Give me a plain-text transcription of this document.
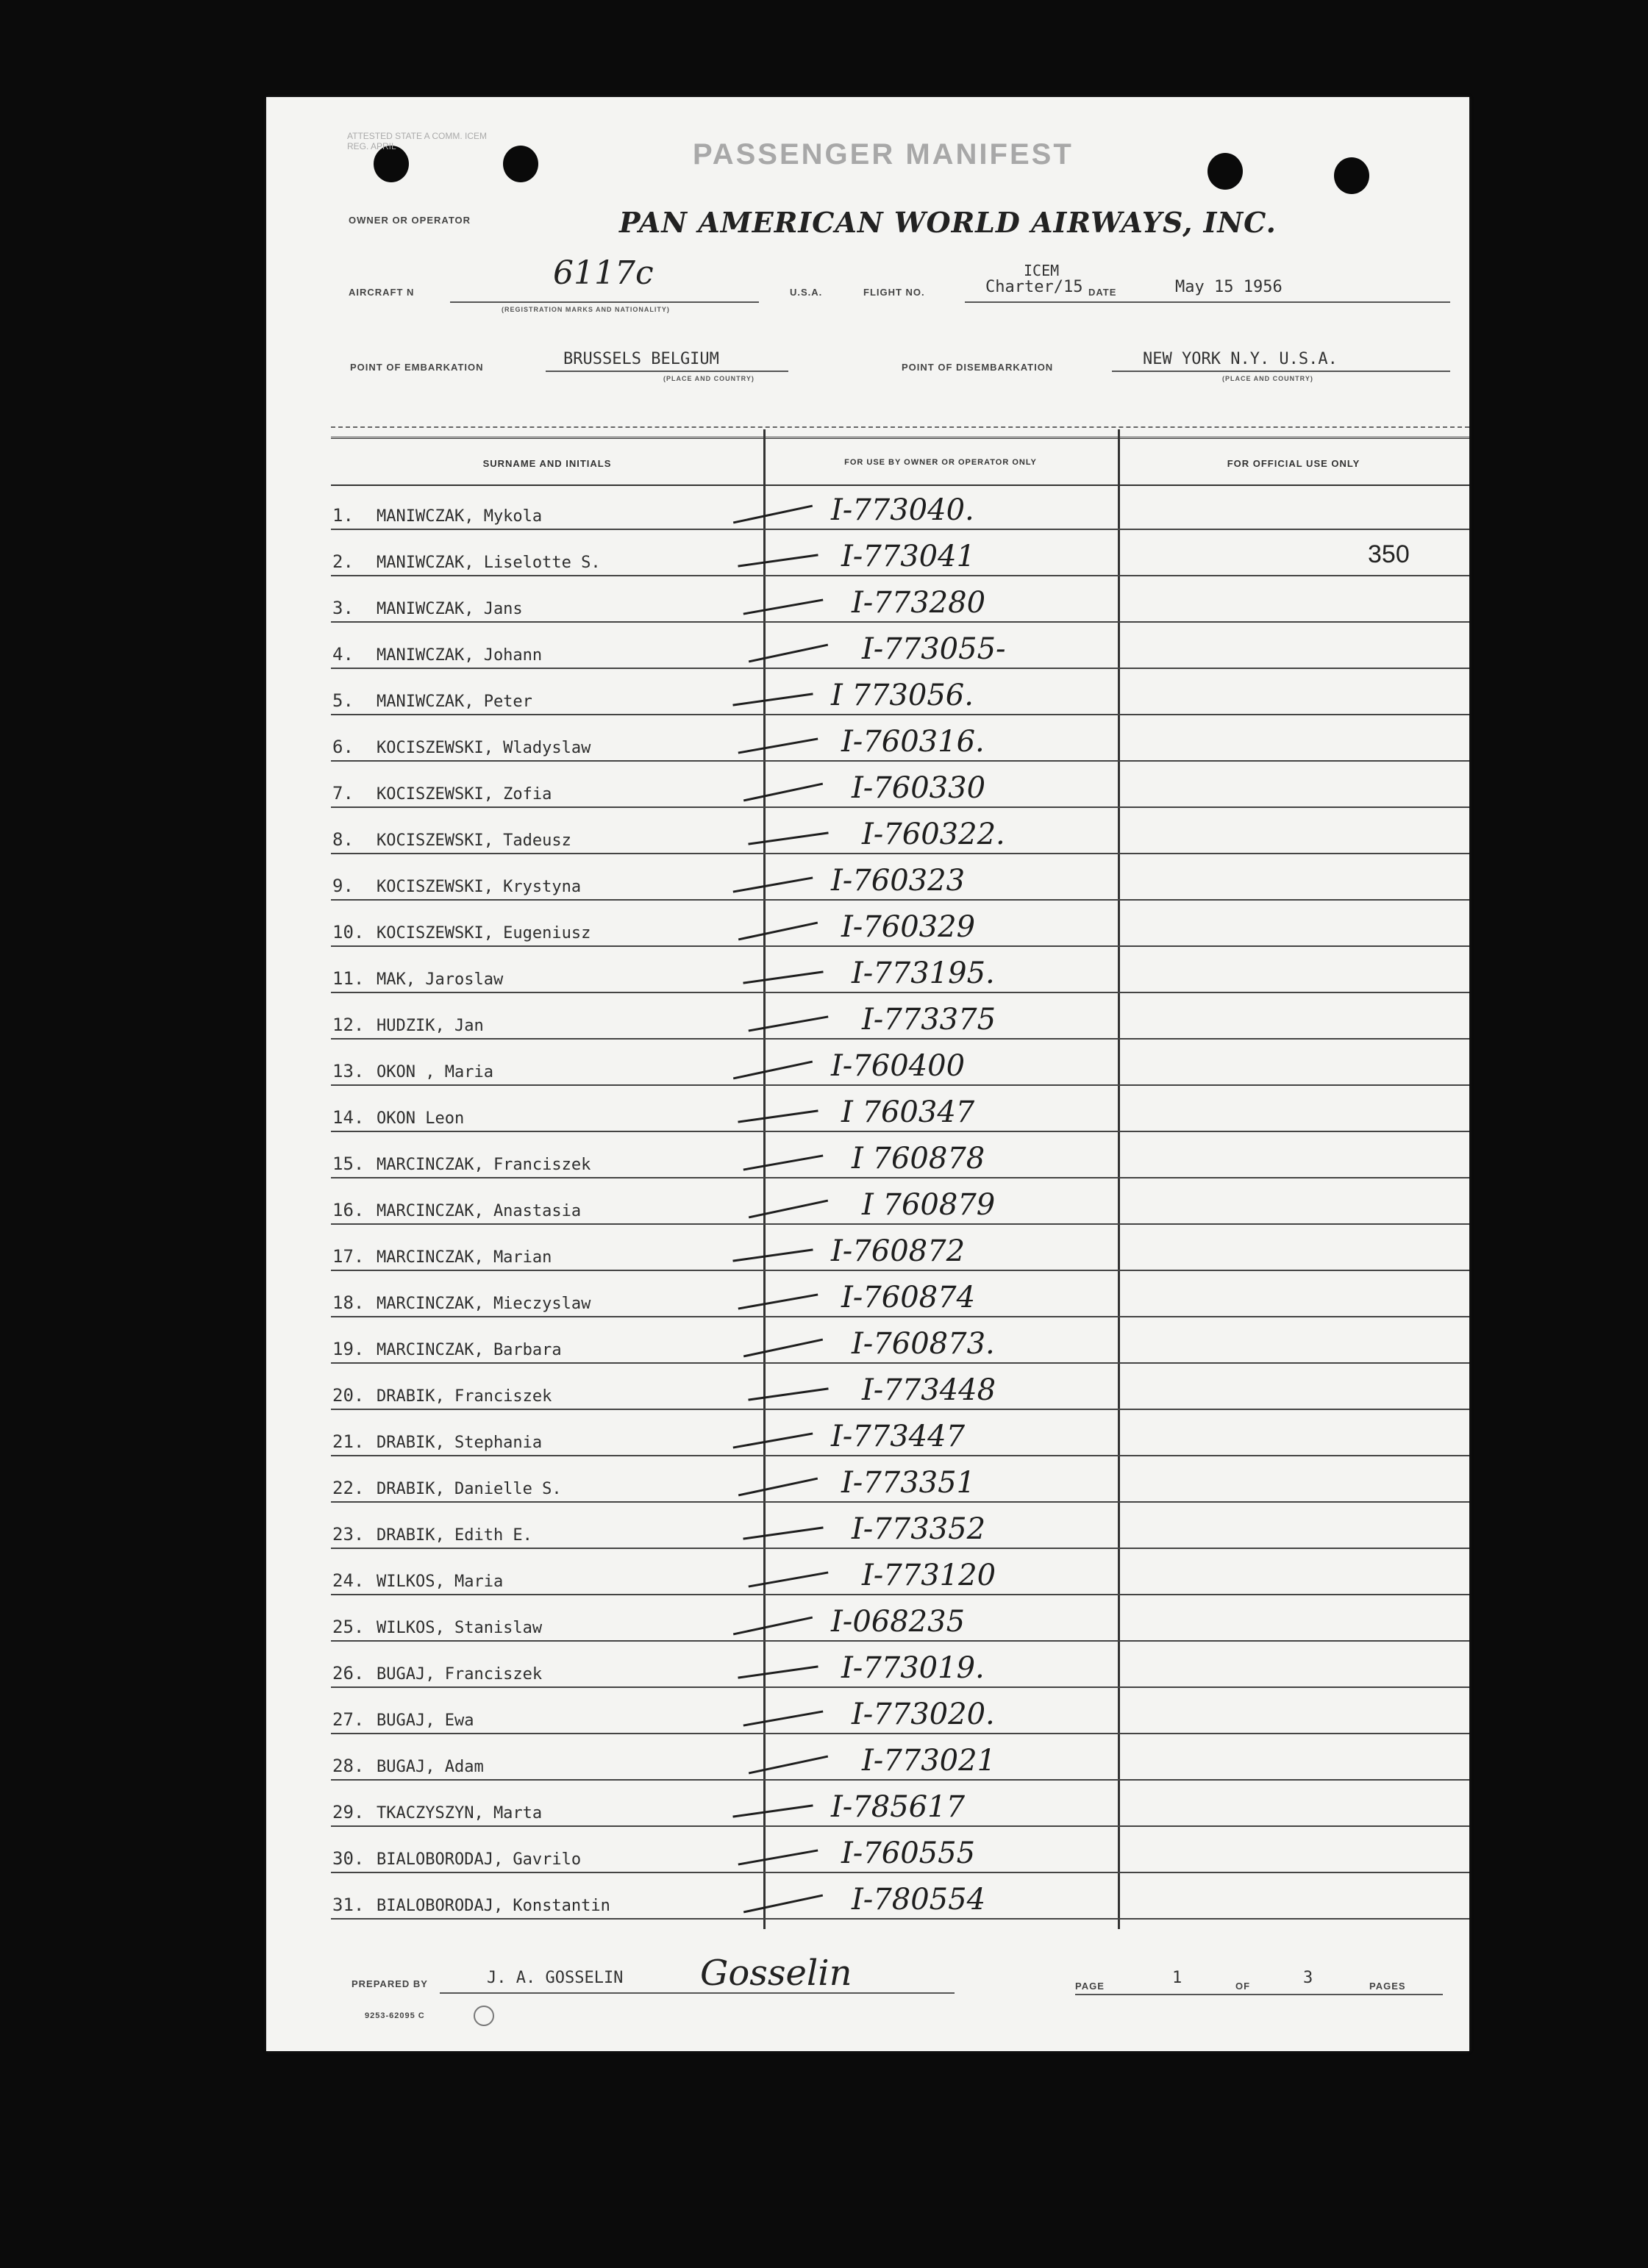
ATTESTED STATE A COMM. ICEM REG. APRIL	PASSENGER MANIFEST
OWNER OR OPERATOR	PAN AMERICAN WORLD AIRWAYS, INC.
AIRCRAFT N
6117c
(REGISTRATION MARKS AND NATIONALITY)
U.S.A.	FLIGHT NO.
ICEM
Charter/15 DATE	May 15 1956
POINT OF EMBARKATION	BRUSSELS BELGIUM
(PLACE AND COUNTRY)
POINT OF DISEMBARKATION	NEW YORK N.Y. U.S.A.
(PLACE AND COUNTRY)
SURNAME AND INITIALS	FOR USE BY OWNER OR OPERATOR ONLY	FOR OFFICIAL USE ONLY
1. MANIWCZAK, Mykola	I-773040.
2. MANIWCZAK, Liselotte S.	I-773041	350
3. MANIWCZAK, Jans	I-773280
4. MANIWCZAK, Johann	I-773055-
5. MANIWCZAK, Peter	I 773056.
6. KOCISZEWSKI, Wladyslaw	I-760316.
7. KOCISZEWSKI, Zofia	I-760330
8. KOCISZEWSKI, Tadeusz	I-760322.
9. KOCISZEWSKI, Krystyna	I-760323
10. KOCISZEWSKI, Eugeniusz	I-760329
11. MAK, Jaroslaw	I-773195.
12. HUDZIK, Jan	I-773375
13. OKON , Maria	I-760400
14. OKON Leon	I 760347
15. MARCINCZAK, Franciszek	I 760878
16. MARCINCZAK, Anastasia	I 760879
17. MARCINCZAK, Marian	I-760872
18. MARCINCZAK, Mieczyslaw	I-760874
19. MARCINCZAK, Barbara	I-760873.
20. DRABIK, Franciszek	I-773448
21. DRABIK, Stephania	I-773447
22. DRABIK, Danielle S.	I-773351
23. DRABIK, Edith E.	I-773352
24. WILKOS, Maria	I-773120
25. WILKOS, Stanislaw	I-068235
26. BUGAJ, Franciszek	I-773019.
27. BUGAJ, Ewa	I-773020.
28. BUGAJ, Adam	I-773021
29. TKACZYSZYN, Marta	I-785617
30. BIALOBORODAJ, Gavrilo	I-760555
31. BIALOBORODAJ, Konstantin	I-780554
PREPARED BY	J. A. GOSSELIN Gosselin	PAGE	1	OF	3	PAGES
9253-62095 C
